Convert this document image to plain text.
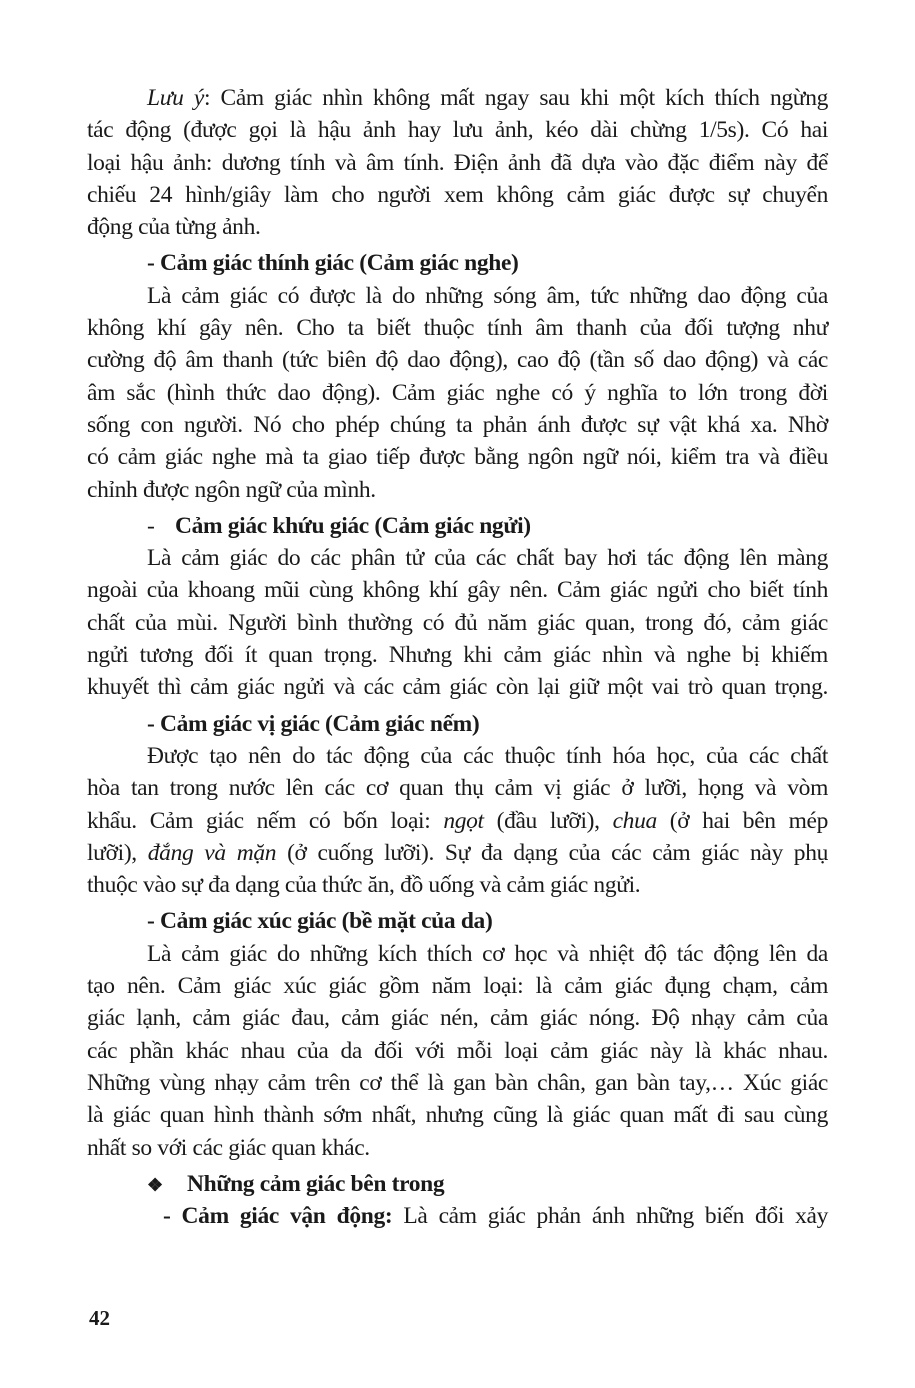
Lưu ý: Cảm giác nhìn không mất ngay sau khi một kích thích ngừng
tác động (được gọi là hậu ảnh hay lưu ảnh, kéo dài chừng 1/5s). Có hai
loại hậu ảnh: dương tính và âm tính. Điện ảnh đã dựa vào đặc điểm này để
chiếu 24 hình/giây làm cho người xem không cảm giác được sự chuyển
động của từng ảnh.
- Cảm giác thính giác (Cảm giác nghe)
Là cảm giác có được là do những sóng âm, tức những dao động của
không khí gây nên. Cho ta biết thuộc tính âm thanh của đối tượng như
cường độ âm thanh (tức biên độ dao động), cao độ (tần số dao động) và các
âm sắc (hình thức dao động). Cảm giác nghe có ý nghĩa to lớn trong đời
sống con người. Nó cho phép chúng ta phản ánh được sự vật khá xa. Nhờ
có cảm giác nghe mà ta giao tiếp được bằng ngôn ngữ nói, kiểm tra và điều
chỉnh được ngôn ngữ của mình.
- Cảm giác khứu giác (Cảm giác ngửi)
Là cảm giác do các phân tử của các chất bay hơi tác động lên màng
ngoài của khoang mũi cùng không khí gây nên. Cảm giác ngửi cho biết tính
chất của mùi. Người bình thường có đủ năm giác quan, trong đó, cảm giác
ngửi tương đối ít quan trọng. Nhưng khi cảm giác nhìn và nghe bị khiếm
khuyết thì cảm giác ngửi và các cảm giác còn lại giữ một vai trò quan trọng.
- Cảm giác vị giác (Cảm giác nếm)
Được tạo nên do tác động của các thuộc tính hóa học, của các chất
hòa tan trong nước lên các cơ quan thụ cảm vị giác ở lưỡi, họng và vòm
khẩu. Cảm giác nếm có bốn loại: ngọt (đầu lưỡi), chua (ở hai bên mép
lưỡi), đắng và mặn (ở cuống lưỡi). Sự đa dạng của các cảm giác này phụ
thuộc vào sự đa dạng của thức ăn, đồ uống và cảm giác ngửi.
- Cảm giác xúc giác (bề mặt của da)
Là cảm giác do những kích thích cơ học và nhiệt độ tác động lên da
tạo nên. Cảm giác xúc giác gồm năm loại: là cảm giác đụng chạm, cảm
giác lạnh, cảm giác đau, cảm giác nén, cảm giác nóng. Độ nhạy cảm của
các phần khác nhau của da đối với mỗi loại cảm giác này là khác nhau.
Những vùng nhạy cảm trên cơ thể là gan bàn chân, gan bàn tay,… Xúc giác
là giác quan hình thành sớm nhất, nhưng cũng là giác quan mất đi sau cùng
nhất so với các giác quan khác.
❖ Những cảm giác bên trong
- Cảm giác vận động: Là cảm giác phản ánh những biến đổi xảy
42
